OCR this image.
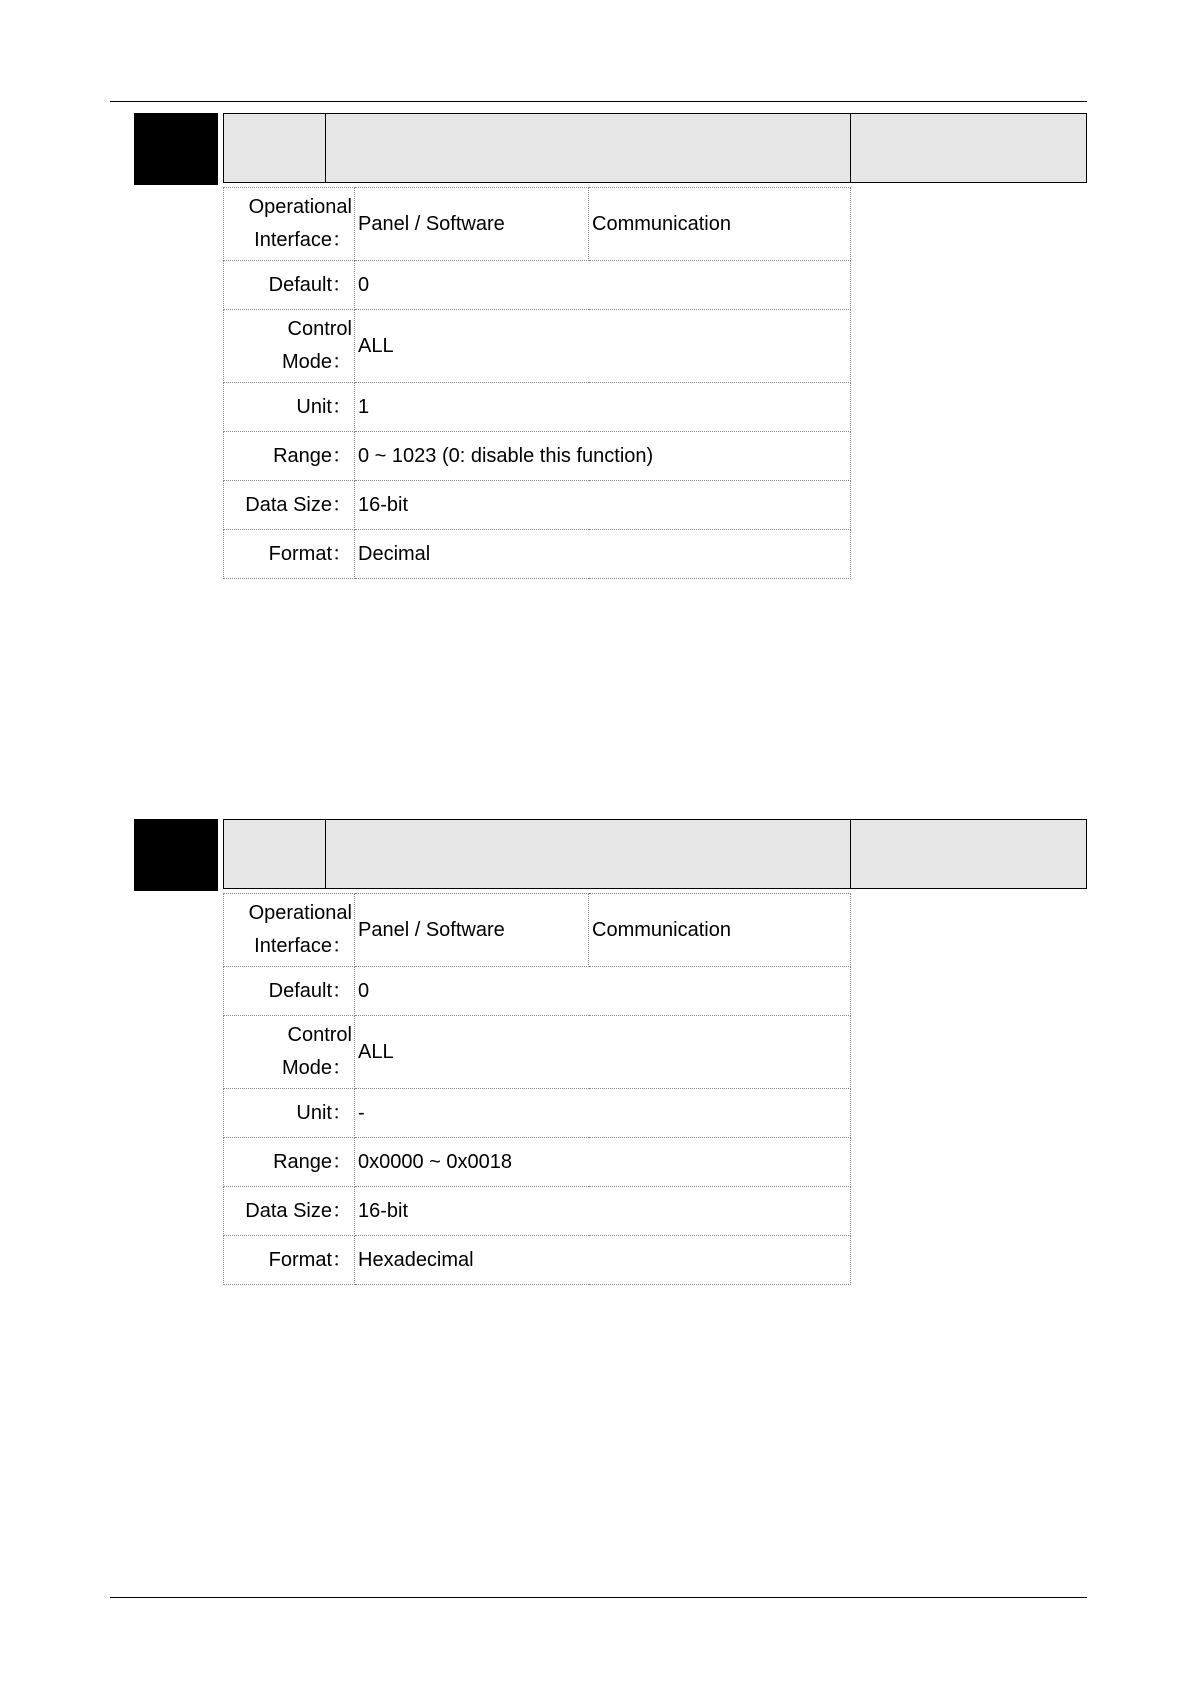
Operational
Interface：	Panel / Software	Communication
Default：	0	

Control
Mode：	ALL	
Unit：	1	
Range：	0 ~ 1023 (0: disable this function)	
Data Size：	16-bit	
Format：	Decimal	
Operational
Interface：	Panel / Software	Communication
Default：	0	

Control
Mode：	ALL	
Unit：	-	
Range：	0x0000 ~ 0x0018	
Data Size：	16-bit	
Format：	Hexadecimal	
